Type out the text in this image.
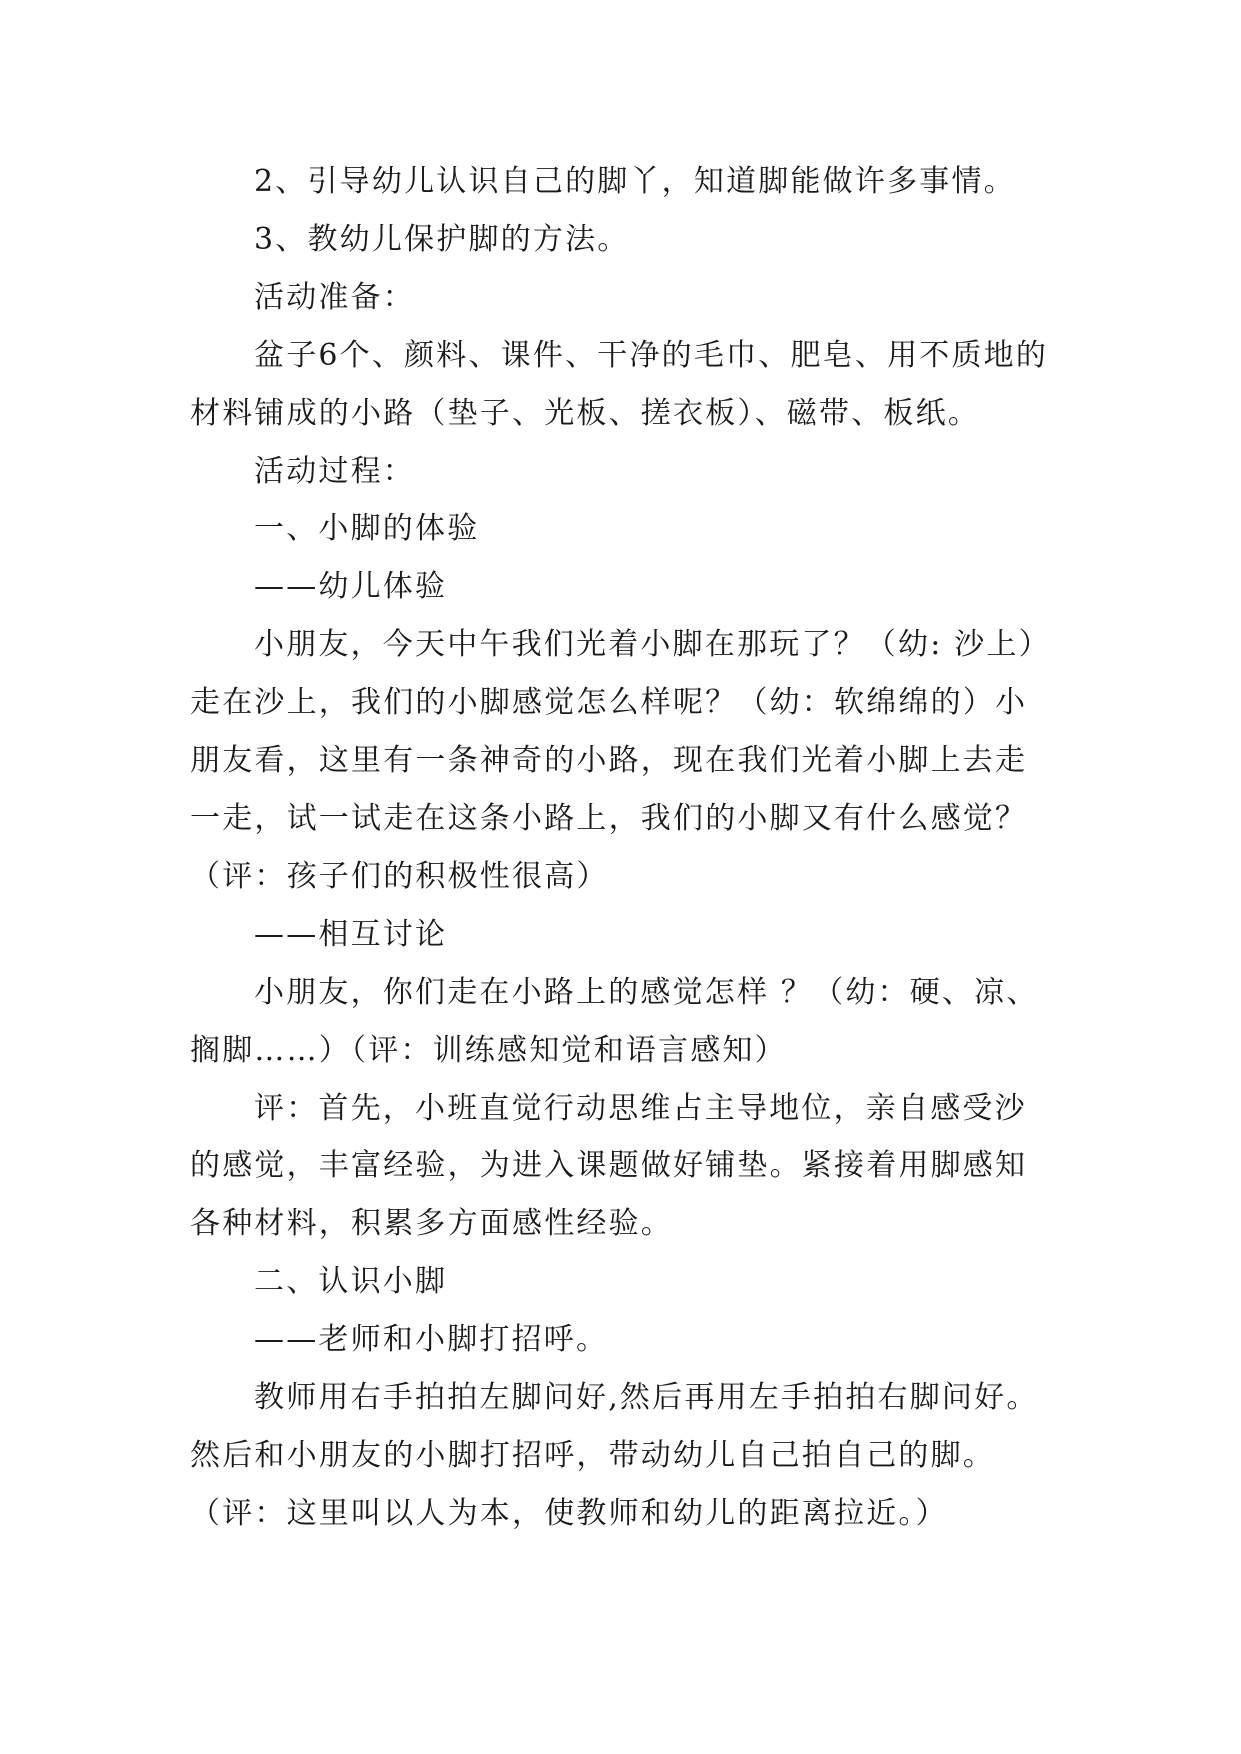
2、引导幼儿认识自己的脚丫，知道脚能做许多事情。

3、教幼儿保护脚的方法。

活动准备：

盆子6个、颜料、课件、干净的毛巾、肥皂、用不质地的材料铺成的小路（垫子、光板、搓衣板）、磁带、板纸。

活动过程：

一、小脚的体验

——幼儿体验

小朋友，今天中午我们光着小脚在那玩了？（幼: 沙上）走在沙上，我们的小脚感觉怎么样呢？（幼：软绵绵的）小朋友看，这里有一条神奇的小路，现在我们光着小脚上去走一走，试一试走在这条小路上，我们的小脚又有什么感觉？（评：孩子们的积极性很高）

——相互讨论

小朋友，你们走在小路上的感觉怎样 ？（幼：硬、凉、搁脚……）（评：训练感知觉和语言感知）

评：首先，小班直觉行动思维占主导地位，亲自感受沙的感觉，丰富经验，为进入课题做好铺垫。紧接着用脚感知各种材料，积累多方面感性经验。

二、认识小脚

——老师和小脚打招呼。

教师用右手拍拍左脚问好,然后再用左手拍拍右脚问好。然后和小朋友的小脚打招呼，带动幼儿自己拍自己的脚。（评：这里叫以人为本，使教师和幼儿的距离拉近。）
